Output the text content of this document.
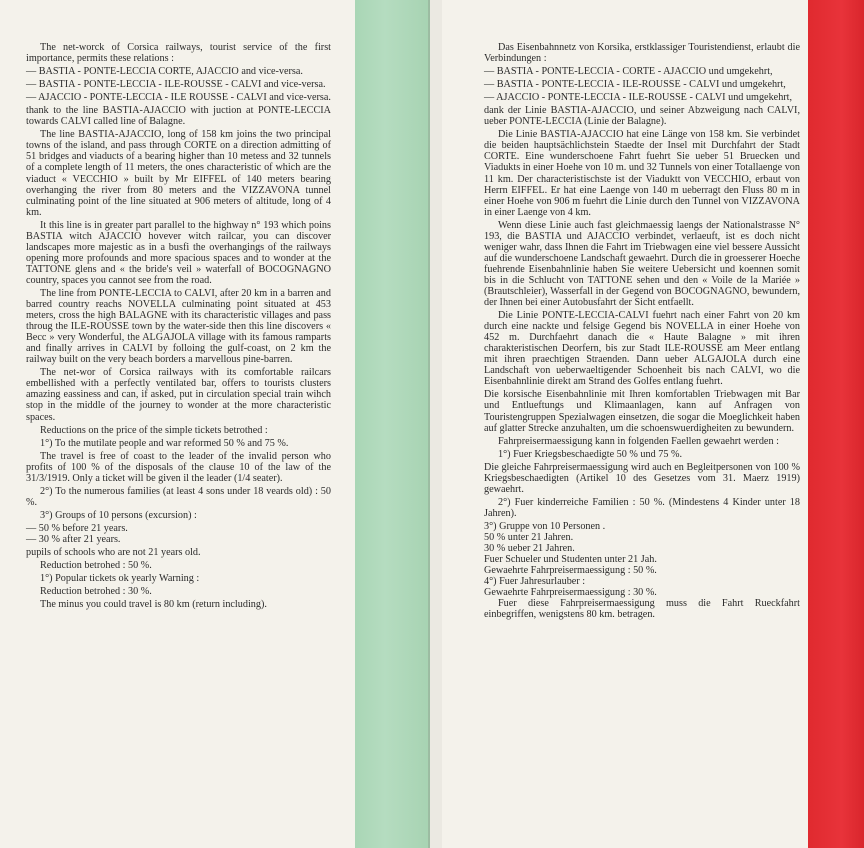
The net-worck of Corsica railways, tourist service of the first importance, permits these relations :

— BASTIA - PONTE-LECCIA CORTE, AJACCIO and vice-versa.

— BASTIA - PONTE-LECCIA - ILE-ROUSSE - CALVI and vice-versa.

— AJACCIO - PONTE-LECCIA - ILE ROUSSE - CALVI and vice-versa.

thank to the line BASTIA-AJACCIO with juction at PONTE-LECCIA towards CALVI called line of Balagne.

The line BASTIA-AJACCIO, long of 158 km joins the two principal towns of the island, and pass through CORTE on a direction admitting of 51 bridges and viaducts of a bearing higher than 10 metess and 32 tunnels of a complete length of 11 meters, the ones characteristic of which are the viaduct « VECCHIO » built by Mr EIFFEL of 140 meters bearing overhanging the river from 80 meters and the VIZZAVONA tunnel culminating point of the line situated at 906 meters of altitude, long of 4 km.

It this line is in greater part parallel to the highway n° 193 which poins BASTIA witch AJACCIO hovever witch railcar, you can discover landscapes more majestic as in a busfi the overhangings of the railways opening more profounds and more spacious spaces and to wonder at the TATTONE glens and « the bride's veil » waterfall of BOCOGNAGNO country, spaces you cannot see from the road.

The line from PONTE-LECCIA to CALVI, after 20 km in a barren and barred country reachs NOVELLA culminating point situated at 453 meters, cross the high BALAGNE with its characteristic villages and pass throug the ILE-ROUSSE town by the water-side then this line discovers « Becc » very Wonderful, the ALGAJOLA village with its famous ramparts and finally arrives in CALVI by folloing the gulf-coast, on 2 km the railway built on the very beach borders a marvellous pine-barren.

The net-wor of Corsica railways with its comfortable railcars embellished with a perfectly ventilated bar, offers to tourists clusters amazing eassiness and can, if asked, put in circulation special train wihch stop in the middle of the journey to wonder at the more characteristic spaces.

Reductions on the price of the simple tickets betrothed :

1°) To the mutilate people and war reformed 50 % and 75 %.

The travel is free of coast to the leader of the invalid person who profits of 100 % of the disposals of the clause 10 of the law of the 31/3/1919. Only a ticket will be given il the leader (1/4 seater).

2°) To the numerous families (at least 4 sons under 18 veards old) : 50 %.

3°) Groups of 10 persons (excursion) :

— 50 % before 21 years.

— 30 % after 21 years.

pupils of schools who are not 21 years old.

Reduction betrohed : 50 %.

1°) Popular tickets ok yearly Warning :

Reduction betrohed : 30 %.

The minus you could travel is 80 km (return including).

Das Eisenbahnnetz von Korsika, erstklassiger Touristendienst, erlaubt die Verbindungen :

— BASTIA - PONTE-LECCIA - CORTE - AJACCIO und umgekehrt,

— BASTIA - PONTE-LECCIA - ILE-ROUSSE - CALVI und umgekehrt,

— AJACCIO - PONTE-LECCIA - ILE-ROUSSE - CALVI und umgekehrt,

dank der Linie BASTIA-AJACCIO, und seiner Abzweigung nach CALVI, ueber PONTE-LECCIA (Linie der Balagne).

Die Linie BASTIA-AJACCIO hat eine Länge von 158 km. Sie verbindet die beiden hauptsächlichstein Staedte der Insel mit Durchfahrt der Stadt CORTE. Eine wunderschoene Fahrt fuehrt Sie ueber 51 Bruecken und Viadukts in einer Hoehe von 10 m. und 32 Tunnels von einer Totallaenge von 11 km. Der characteristischste ist der Viaduktt von VECCHIO, erbaut von Herrn EIFFEL. Er hat eine Laenge von 140 m ueberragt den Fluss 80 m in einer Hoehe von 906 m fuehrt die Linie durch den Tunnel von VIZZAVONA in einer Laenge von 4 km.

Wenn diese Linie auch fast gleichmaessig laengs der Nationalstrasse N° 193, die BASTIA und AJACCIO verbindet, verlaeuft, ist es doch nicht weniger wahr, dass Ihnen die Fahrt im Triebwagen eine viel bessere Aussicht auf die wunderschoene Landschaft gewaehrt. Durch die in groesserer Hoeche fuehrende Eisenbahnlinie haben Sie weitere Uebersicht und koennen somit bis in die Schlucht von TATTONE sehen und den « Voile de la Mariée » (Brautschleier), Wasserfall in der Gegend von BOCOGNAGNO, bewundern, der Ihnen bei einer Autobusfahrt der Sicht entfaellt.

Die Linie PONTE-LECCIA-CALVI fuehrt nach einer Fahrt von 20 km durch eine nackte und felsige Gegend bis NOVELLA in einer Hoehe von 452 m. Durchfaehrt danach die « Haute Balagne » mit ihren charakteristischen Deorfern, bis zur Stadt ILE-ROUSSE am Meer entlang mit ihren praechtigen Straenden. Dann ueber ALGAJOLA durch eine Landschaft von ueberwaeltigender Schoenheit bis nach CALVI, wo die Eisenbahnlinie direkt am Strand des Golfes entlang fuehrt.

Die korsische Eisenbahnlinie mit Ihren komfortablen Triebwagen mit Bar und Entlueftungs und Klimaanlagen, kann auf Anfragen von Touristengruppen Spezialwagen einsetzen, die sogar die Moeglichkeit haben auf glatter Strecke anzuhalten, um die schoenswuerdigheiten zu bewundern.

Fahrpreisermaessigung kann in folgenden Faellen gewaehrt werden :

1°) Fuer Kriegsbeschaedigte 50 % und 75 %.

Die gleiche Fahrpreisermaessigung wird auch en Begleitpersonen von 100 % Kriegsbeschaedigten (Artikel 10 des Gesetzes vom 31. Maerz 1919) gewaehrt.

2°) Fuer kinderreiche Familien : 50 %. (Mindestens 4 Kinder unter 18 Jahren).

3°) Gruppe von 10 Personen .

50 % unter 21 Jahren.

30 % ueber 21 Jahren.

Fuer Schueler und Studenten unter 21 Jah.

Gewaehrte Fahrpreisermaessigung : 50 %.

4°) Fuer Jahresurlauber :

Gewaehrte Fahrpreisermaessigung : 30 %.

Fuer diese Fahrpreisermaessigung muss die Fahrt Rueckfahrt einbegriffen, wenigstens 80 km. betragen.
